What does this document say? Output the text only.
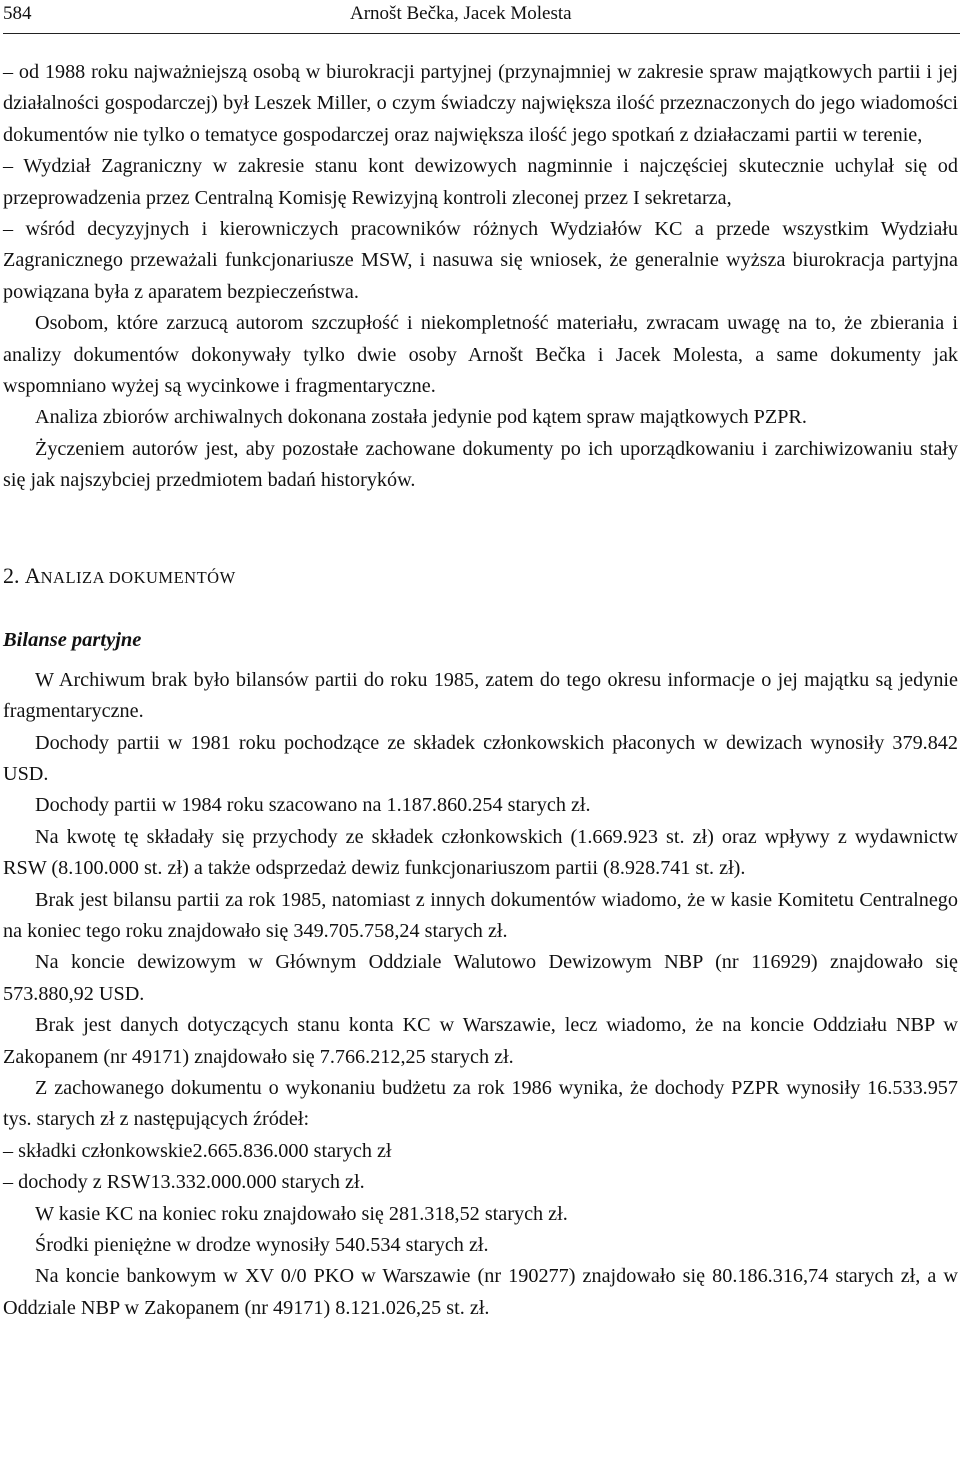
584	Arnošt Bečka, Jacek Molesta

– od 1988 roku najważniejszą osobą w biurokracji partyjnej (przynajmniej w zakresie spraw majątkowych partii i jej działalności gospodarczej) był Leszek Miller, o czym świadczy największa ilość przeznaczonych do jego wiadomości dokumentów nie tylko o tematyce gospodarczej oraz największa ilość jego spotkań z działaczami partii w terenie,

– Wydział Zagraniczny w zakresie stanu kont dewizowych nagminnie i najczęściej skutecznie uchylał się od przeprowadzenia przez Centralną Komisję Rewizyjną kontroli zleconej przez I sekretarza,

– wśród decyzyjnych i kierowniczych pracowników różnych Wydziałów KC a przede wszystkim Wydziału Zagranicznego przeważali funkcjonariusze MSW, i nasuwa się wniosek, że generalnie wyższa biurokracja partyjna powiązana była z aparatem bezpieczeństwa.

Osobom, które zarzucą autorom szczupłość i niekompletność materiału, zwracam uwagę na to, że zbierania i analizy dokumentów dokonywały tylko dwie osoby Arnošt Bečka i Jacek Molesta, a same dokumenty jak wspomniano wyżej są wycinkowe i fragmentaryczne.

Analiza zbiorów archiwalnych dokonana została jedynie pod kątem spraw majątkowych PZPR.

Życzeniem autorów jest, aby pozostałe zachowane dokumenty po ich uporządkowaniu i zarchiwizowaniu stały się jak najszybciej przedmiotem badań historyków.

2. ANALIZA DOKUMENTÓW
Bilanse partyjne

W Archiwum brak było bilansów partii do roku 1985, zatem do tego okresu informacje o jej majątku są jedynie fragmentaryczne.

Dochody partii w 1981 roku pochodzące ze składek członkowskich płaconych w dewizach wynosiły 379.842 USD.

Dochody partii w 1984 roku szacowano na 1.187.860.254 starych zł.

Na kwotę tę składały się przychody ze składek członkowskich (1.669.923 st. zł) oraz wpływy z wydawnictw RSW (8.100.000 st. zł) a także odsprzedaż dewiz funkcjonariuszom partii (8.928.741 st. zł).

Brak jest bilansu partii za rok 1985, natomiast z innych dokumentów wiadomo, że w kasie Komitetu Centralnego na koniec tego roku znajdowało się 349.705.758,24 starych zł.

Na koncie dewizowym w Głównym Oddziale Walutowo Dewizowym NBP (nr 116929) znajdowało się 573.880,92 USD.

Brak jest danych dotyczących stanu konta KC w Warszawie, lecz wiadomo, że na koncie Oddziału NBP w Zakopanem (nr 49171) znajdowało się 7.766.212,25 starych zł.

Z zachowanego dokumentu o wykonaniu budżetu za rok 1986 wynika, że dochody PZPR wynosiły 16.533.957 tys. starych zł z następujących źródeł:

– składki członkowskie2.665.836.000 starych zł

– dochody z RSW13.332.000.000 starych zł.

W kasie KC na koniec roku znajdowało się 281.318,52 starych zł.

Środki pieniężne w drodze wynosiły 540.534 starych zł.

Na koncie bankowym w XV 0/0 PKO w Warszawie (nr 190277) znajdowało się 80.186.316,74 starych zł, a w Oddziale NBP w Zakopanem (nr 49171) 8.121.026,25 st. zł.
